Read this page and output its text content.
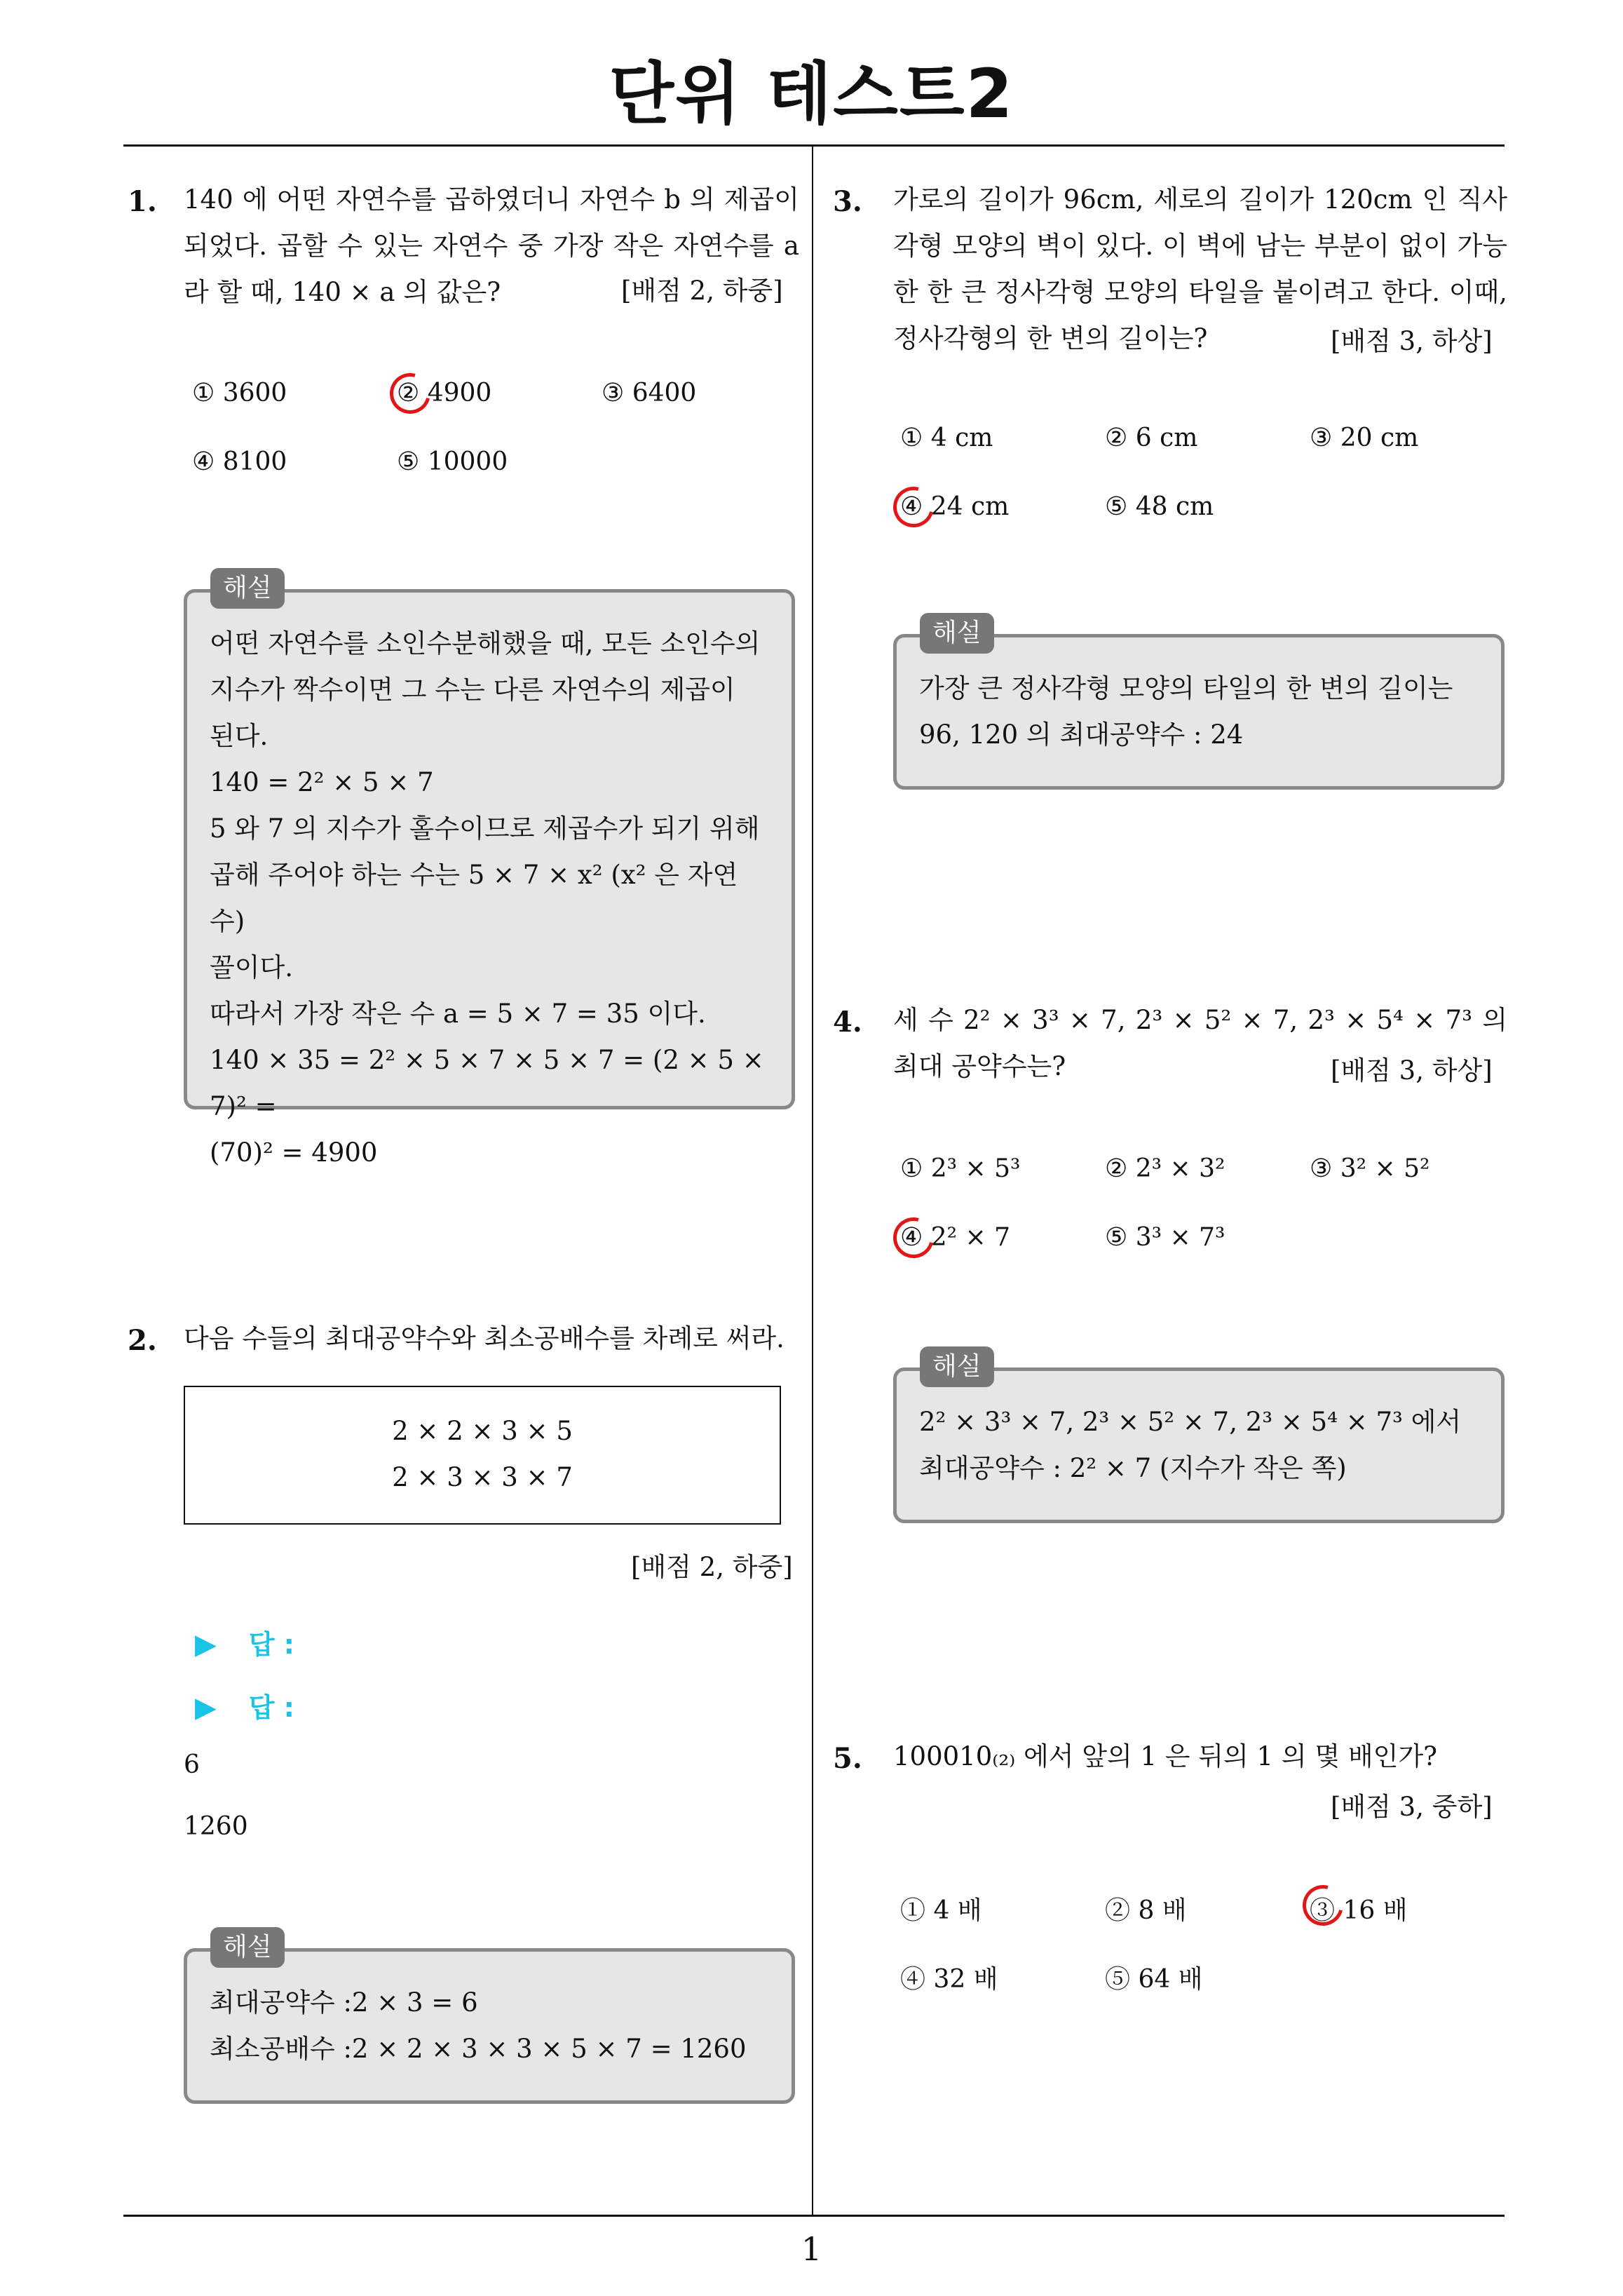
단위 테스트2
1. 140 에 어떤 자연수를 곱하였더니 자연수 b 의 제곱이 되었다. 곱할 수 있는 자연수 중 가장 작은 자연수를 a 라 할 때, 140 × a 의 값은?	[배점 2, 하중]
① 3600	② 4900	③ 6400
④ 8100	⑤ 10000
어떤 자연수를 소인수분해했을 때, 모든 소인수의
지수가 짝수이면 그 수는 다른 자연수의 제곱이
된다.
140 = 2² × 5 × 7
5 와 7 의 지수가 홀수이므로 제곱수가 되기 위해
곱해 주어야 하는 수는 5 × 7 × x² (x² 은 자연수)
꼴이다.
따라서 가장 작은 수 a = 5 × 7 = 35 이다.
140 × 35 = 2² × 5 × 7 × 5 × 7 = (2 × 5 × 7)² =
(70)² = 4900
해설
2. 다음 수들의 최대공약수와 최소공배수를 차례로 써라.
2 × 2 × 3 × 5
2 × 3 × 3 × 7
[배점 2, 하중]
▶ 답 :
▶ 답 :
6
1260
최대공약수 :2 × 3 = 6
최소공배수 :2 × 2 × 3 × 3 × 5 × 7 = 1260
해설
3. 가로의 길이가 96cm, 세로의 길이가 120cm 인 직사각형 모양의 벽이 있다. 이 벽에 남는 부분이 없이 가능한 한 큰 정사각형 모양의 타일을 붙이려고 한다. 이때, 정사각형의 한 변의 길이는?	[배점 3, 하상]
① 4 cm	② 6 cm	③ 20 cm
④ 24 cm	⑤ 48 cm
가장 큰 정사각형 모양의 타일의 한 변의 길이는
96, 120 의 최대공약수 : 24
해설
4. 세 수 2² × 3³ × 7, 2³ × 5² × 7, 2³ × 5⁴ × 7³ 의 최대 공약수는?	[배점 3, 하상]
① 2³ × 5³	② 2³ × 3²	③ 3² × 5²
④ 2² × 7	⑤ 3³ × 7³
2² × 3³ × 7, 2³ × 5² × 7, 2³ × 5⁴ × 7³ 에서
최대공약수 : 2² × 7 (지수가 작은 쪽)
해설
5. 100010₍₂₎ 에서 앞의 1 은 뒤의 1 의 몇 배인가?
[배점 3, 중하]
① 4 배	② 8 배	③ 16 배
④ 32 배	⑤ 64 배
1
